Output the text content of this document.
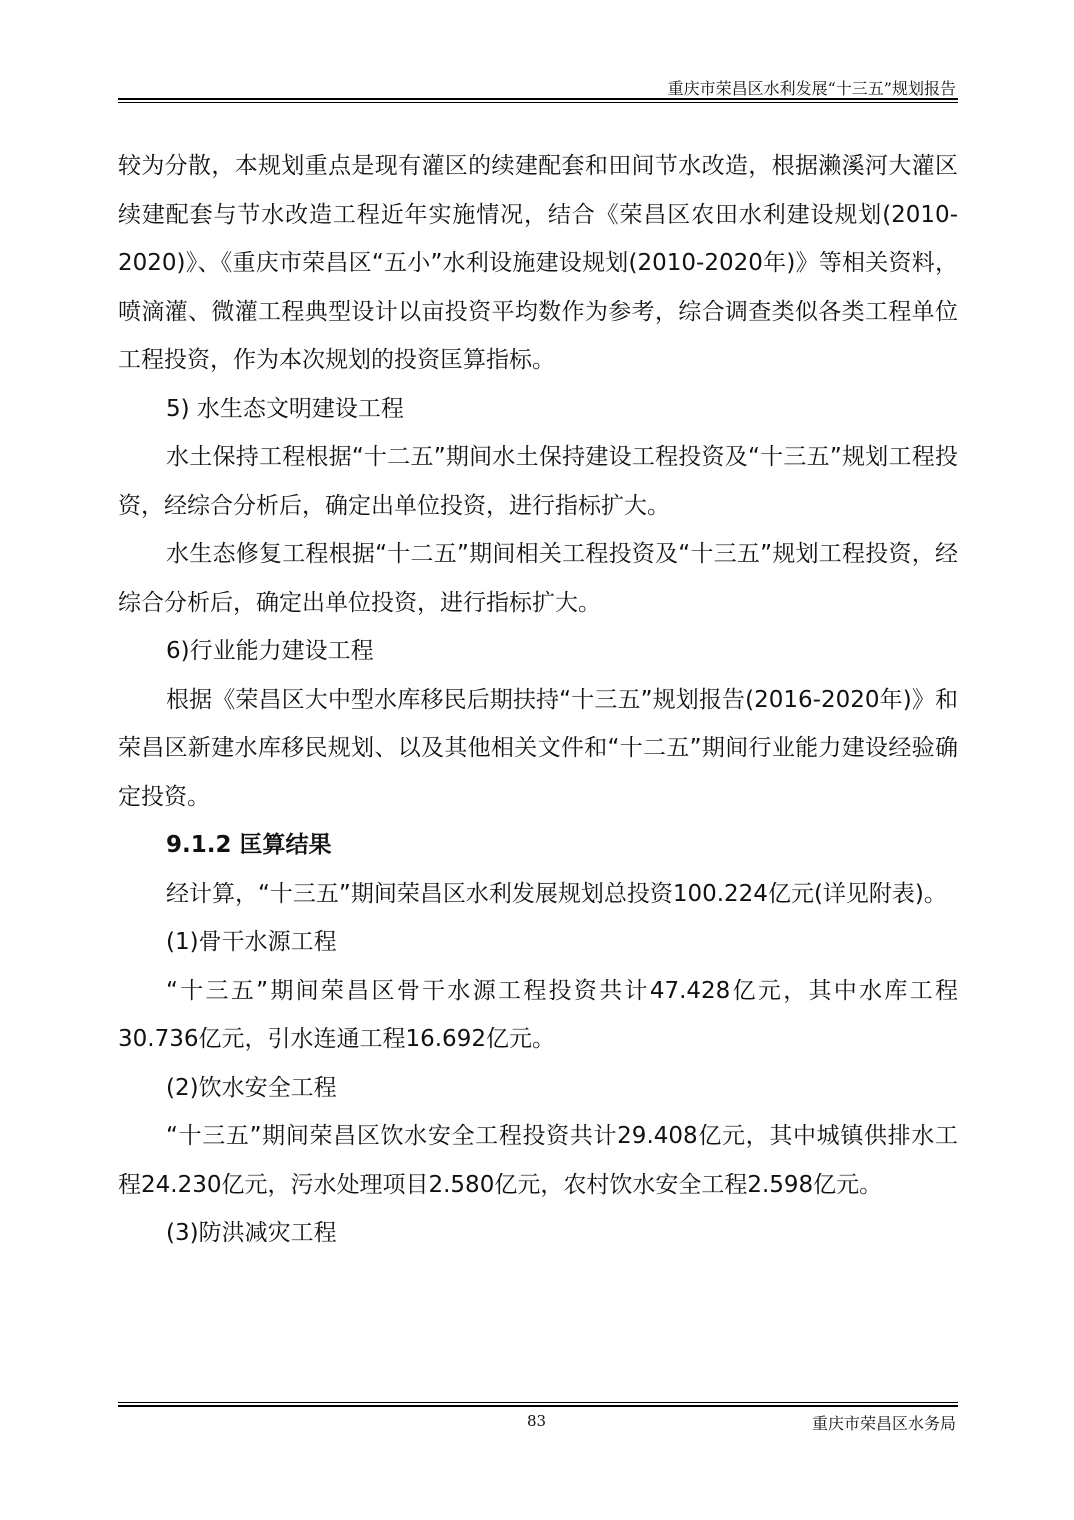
重庆市荣昌区水利发展“十三五”规划报告

较为分散，本规划重点是现有灌区的续建配套和田间节水改造，根据濑溪河大灌区续建配套与节水改造工程近年实施情况，结合《荣昌区农田水利建设规划(2010-2020)》、《重庆市荣昌区“五小”水利设施建设规划(2010-2020年)》等相关资料，喷滴灌、微灌工程典型设计以亩投资平均数作为参考，综合调查类似各类工程单位工程投资，作为本次规划的投资匡算指标。

5) 水生态文明建设工程

水土保持工程根据“十二五”期间水土保持建设工程投资及“十三五”规划工程投资，经综合分析后，确定出单位投资，进行指标扩大。

水生态修复工程根据“十二五”期间相关工程投资及“十三五”规划工程投资，经综合分析后，确定出单位投资，进行指标扩大。

6)行业能力建设工程

根据《荣昌区大中型水库移民后期扶持“十三五”规划报告(2016-2020年)》和荣昌区新建水库移民规划、以及其他相关文件和“十二五”期间行业能力建设经验确定投资。

9.1.2 匡算结果

经计算，“十三五”期间荣昌区水利发展规划总投资100.224亿元(详见附表)。

(1)骨干水源工程

“十三五”期间荣昌区骨干水源工程投资共计47.428亿元，其中水库工程30.736亿元，引水连通工程16.692亿元。

(2)饮水安全工程

“十三五”期间荣昌区饮水安全工程投资共计29.408亿元，其中城镇供排水工程24.230亿元，污水处理项目2.580亿元，农村饮水安全工程2.598亿元。

(3)防洪减灾工程

83	重庆市荣昌区水务局
